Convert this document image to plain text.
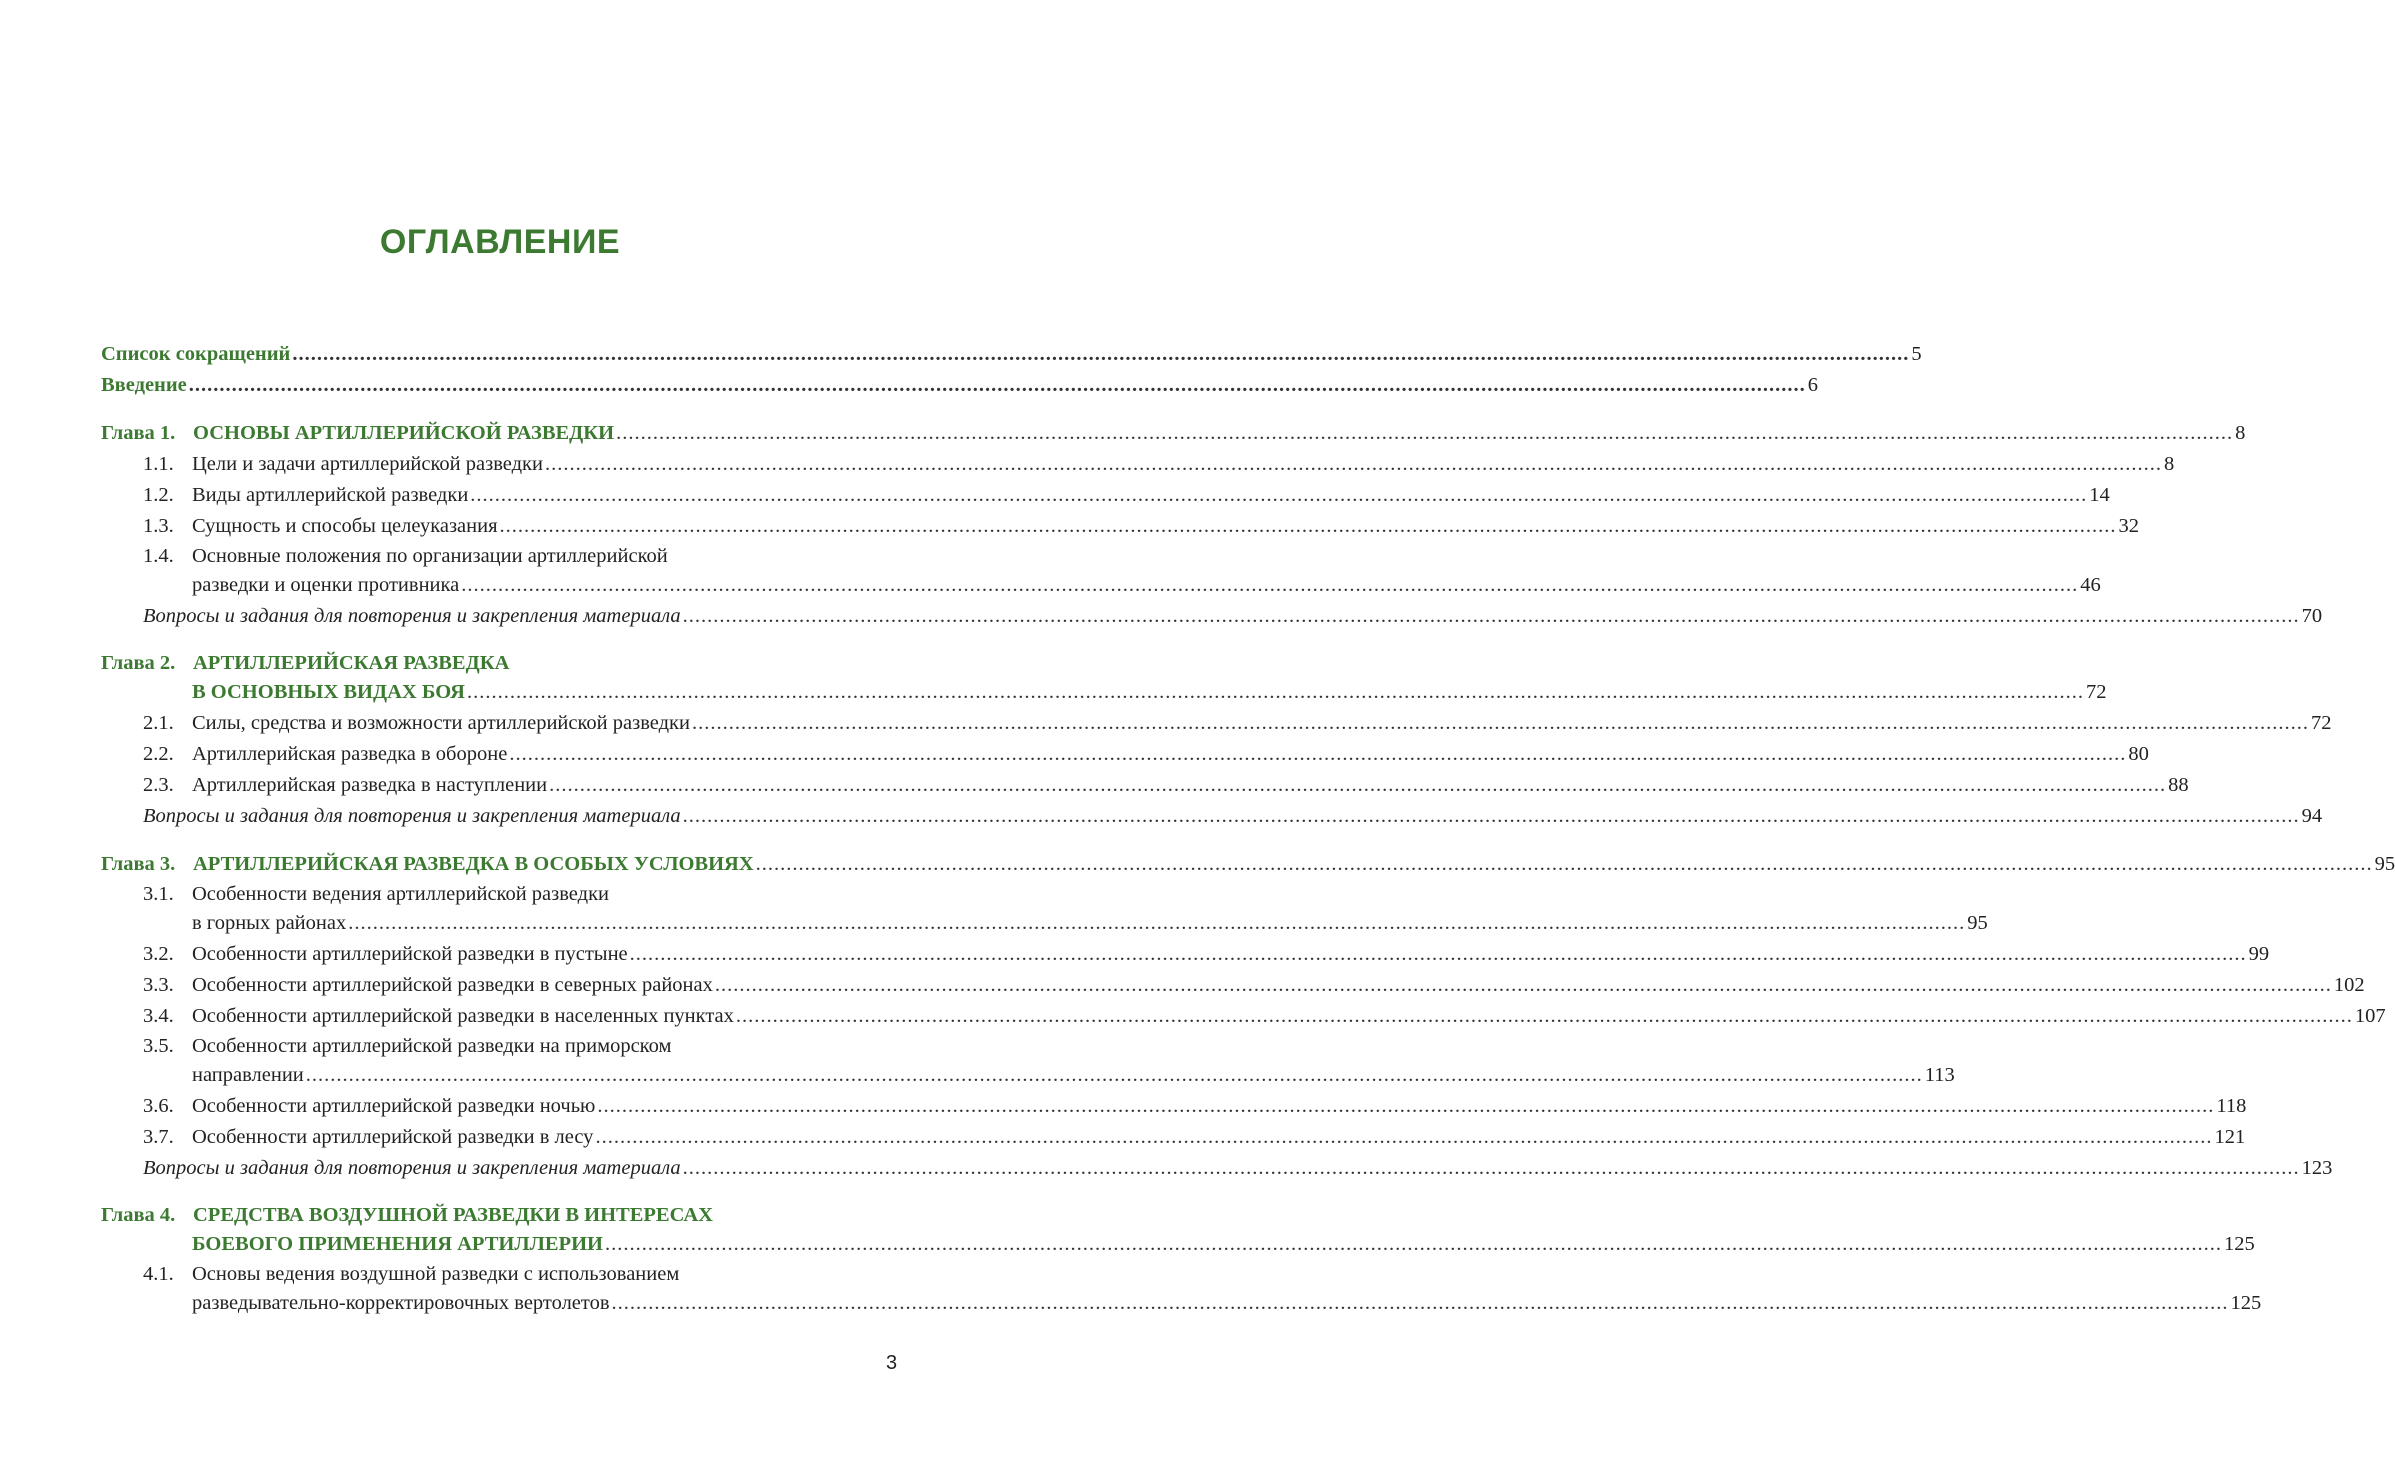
ОГЛАВЛЕНИЕ
Список сокращений ........................................................................................................................................................................................................................................................................ 5
Введение ........................................................................................................................................................................................................................................................................ 6
Глава 1. ОСНОВЫ АРТИЛЛЕРИЙСКОЙ РАЗВЕДКИ ........................................................................................................................................................................................................................................................................ 8
1.1. Цели и задачи артиллерийской разведки ........................................................................................................................................................................................................................................................................ 8
1.2. Виды артиллерийской разведки ........................................................................................................................................................................................................................................................................ 14
1.3. Сущность и способы целеуказания ........................................................................................................................................................................................................................................................................ 32
1.4. Основные положения по организации артиллерийской
разведки и оценки противника ........................................................................................................................................................................................................................................................................ 46
Вопросы и задания для повторения и закрепления материала ........................................................................................................................................................................................................................................................................ 70
Глава 2. АРТИЛЛЕРИЙСКАЯ РАЗВЕДКА
В ОСНОВНЫХ ВИДАХ БОЯ ........................................................................................................................................................................................................................................................................ 72
2.1. Силы, средства и возможности артиллерийской разведки ........................................................................................................................................................................................................................................................................ 72
2.2. Артиллерийская разведка в обороне ........................................................................................................................................................................................................................................................................ 80
2.3. Артиллерийская разведка в наступлении ........................................................................................................................................................................................................................................................................ 88
Вопросы и задания для повторения и закрепления материала ........................................................................................................................................................................................................................................................................ 94
Глава 3. АРТИЛЛЕРИЙСКАЯ РАЗВЕДКА В ОСОБЫХ УСЛОВИЯХ ........................................................................................................................................................................................................................................................................ 95
3.1. Особенности ведения артиллерийской разведки
в горных районах ........................................................................................................................................................................................................................................................................ 95
3.2. Особенности артиллерийской разведки в пустыне ........................................................................................................................................................................................................................................................................ 99
3.3. Особенности артиллерийской разведки в северных районах ........................................................................................................................................................................................................................................................................ 102
3.4. Особенности артиллерийской разведки в населенных пунктах ........................................................................................................................................................................................................................................................................ 107
3.5. Особенности артиллерийской разведки на приморском
направлении ........................................................................................................................................................................................................................................................................ 113
3.6. Особенности артиллерийской разведки ночью ........................................................................................................................................................................................................................................................................ 118
3.7. Особенности артиллерийской разведки в лесу ........................................................................................................................................................................................................................................................................ 121
Вопросы и задания для повторения и закрепления материала ........................................................................................................................................................................................................................................................................ 123
Глава 4. СРЕДСТВА ВОЗДУШНОЙ РАЗВЕДКИ В ИНТЕРЕСАХ
БОЕВОГО ПРИМЕНЕНИЯ АРТИЛЛЕРИИ ........................................................................................................................................................................................................................................................................ 125
4.1. Основы ведения воздушной разведки с использованием
разведывательно-корректировочных вертолетов ........................................................................................................................................................................................................................................................................ 125
3
